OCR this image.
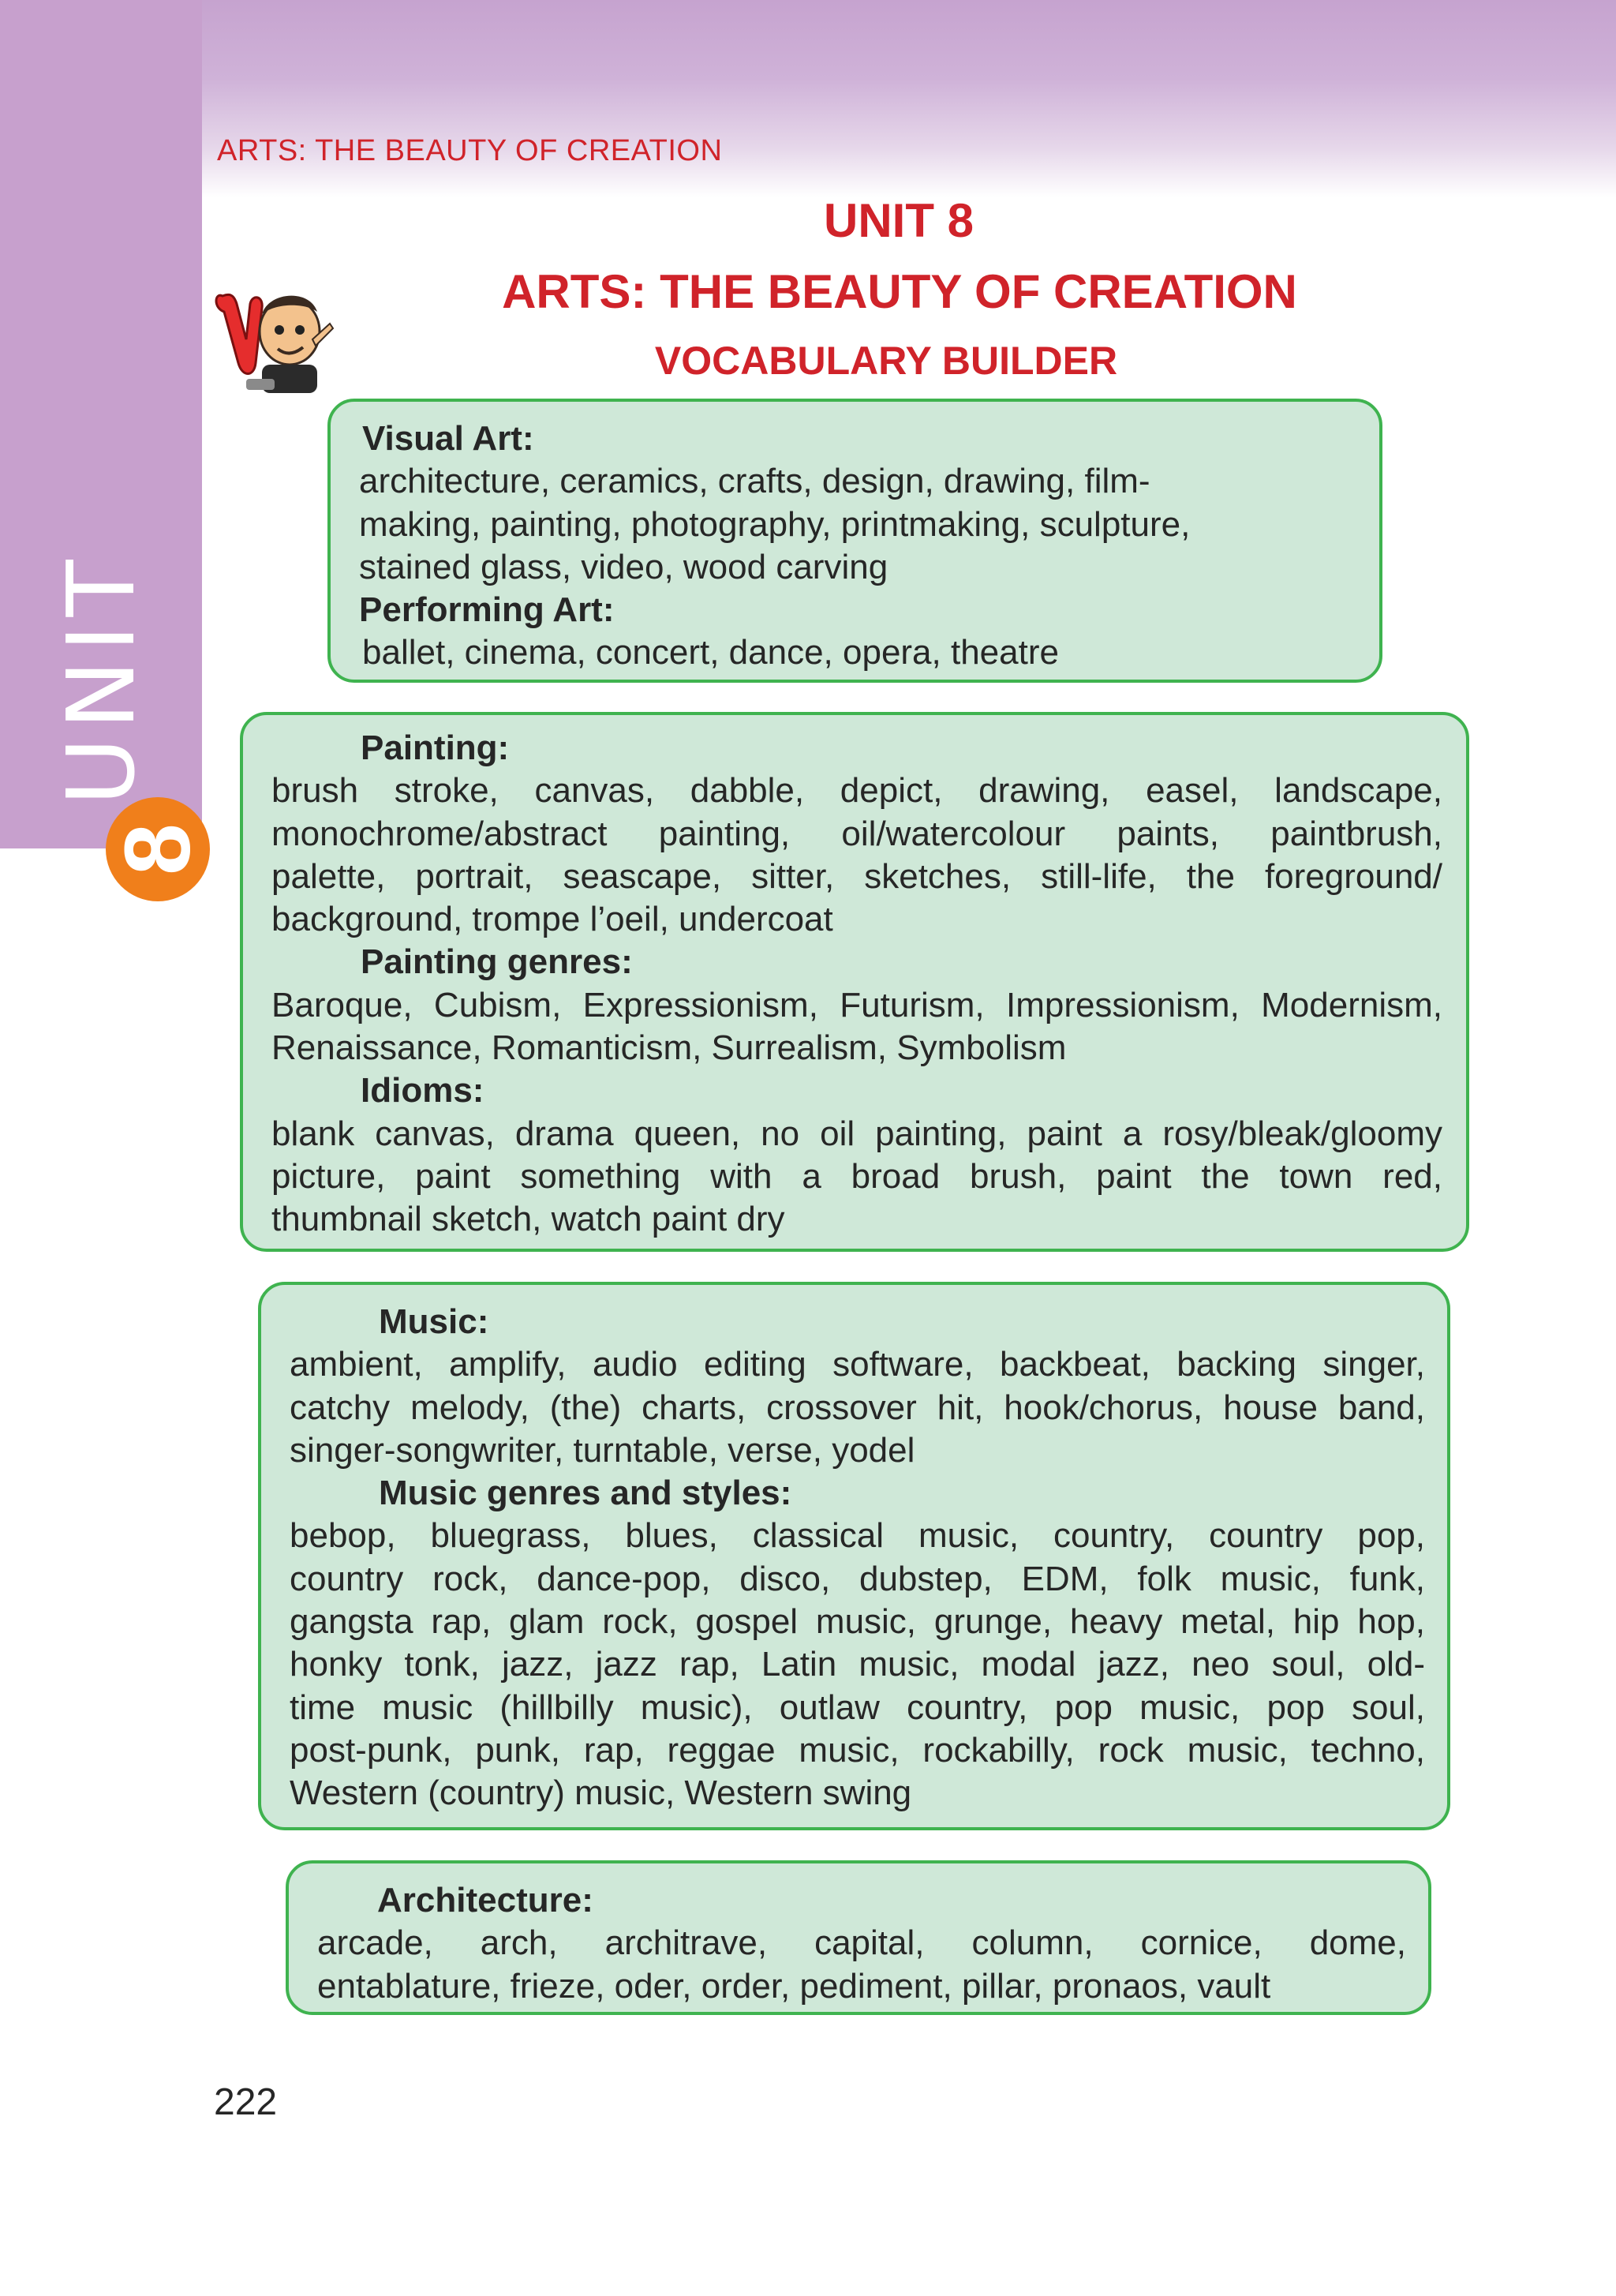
UNIT
8
ARTS: THE BEAUTY OF CREATION
UNIT 8
ARTS: THE BEAUTY OF CREATION
VOCABULARY BUILDER
Visual Art:
architecture, ceramics, crafts, design, drawing, film-
making, painting, photography, printmaking, sculpture,
stained glass, video, wood carving
Performing Art:
ballet, cinema, concert, dance, opera, theatre
Painting:
brush stroke, canvas, dabble, depict, drawing, easel, landscape,
monochrome/abstract painting, oil/watercolour paints, paintbrush,
palette, portrait, seascape, sitter, sketches, still-life, the foreground/
background, trompe l’oeil, undercoat
Painting genres:
Baroque, Cubism, Expressionism, Futurism, Impressionism, Modernism,
Renaissance, Romanticism, Surrealism, Symbolism
Idioms:
blank canvas, drama queen, no oil painting, paint a rosy/bleak/gloomy
picture, paint something with a broad brush, paint the town red,
thumbnail sketch, watch paint dry
Music:
ambient, amplify, audio editing software, backbeat, backing singer,
catchy melody, (the) charts, crossover hit, hook/chorus, house band,
singer-songwriter, turntable, verse, yodel
Music genres and styles:
bebop, bluegrass, blues, classical music, country, country pop,
country rock, dance-pop, disco, dubstep, EDM, folk music, funk,
gangsta rap, glam rock, gospel music, grunge, heavy metal, hip hop,
honky tonk, jazz, jazz rap, Latin music, modal jazz, neo soul, old-
time music (hillbilly music), outlaw country, pop music, pop soul,
post-punk, punk, rap, reggae music, rockabilly, rock music, techno,
Western (country) music, Western swing
Architecture:
arcade, arch, architrave, capital, column, cornice, dome,
entablature, frieze, oder, order, pediment, pillar, pronaos, vault
222
